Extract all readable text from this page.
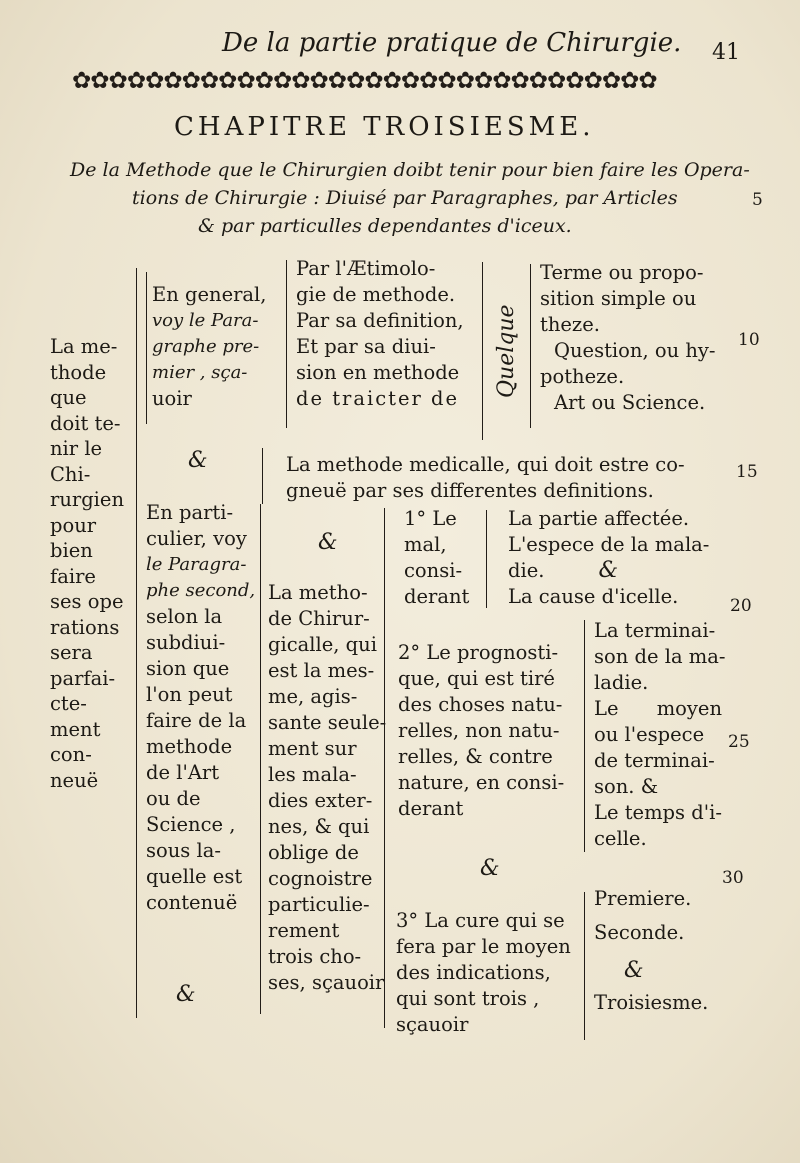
De la partie pratique de Chirurgie. 41
✿✿✿✿✿✿✿✿✿✿✿✿✿✿✿✿✿✿✿✿✿✿✿✿✿✿✿✿✿✿✿✿
CHAPITRE TROISIESME.
De la Methode que le Chirurgien doibt tenir pour bien faire les Opera-
tions de Chirurgie : Diuisé par Paragraphes, par Articles
& par particulles dependantes d'iceux.
5
10
15
20
25
30
La me-
thode
que
doit te-
nir le
Chi-
rurgien
pour
bien
faire
ses ope
rations
sera
parfai-
cte-
ment
con-
neuë
En general,
voy le Para-
graphe pre-
mier , sça-
uoir
Par l'Ætimolo-
gie de methode.
Par sa definition,
Et par sa diui-
sion en methode
de traicter de
Quelque
Terme ou propo-
sition simple ou
theze.
Question, ou hy-
potheze.
Art ou Science.
&	La methode medicalle, qui doit estre co-
gneuë par ses differentes definitions.
En parti-
culier, voy
le Paragra-
phe second,
selon la
subdiui-
sion que
l'on peut
faire de la
methode
de l'Art
ou de
Science ,
sous la-
quelle est
contenuë
&
&
La metho-
de Chirur-
gicalle, qui
est la mes-
me, agis-
sante seule-
ment sur
les mala-
dies exter-
nes, & qui
oblige de
cognoistre
particulie-
rement
trois cho-
ses, sçauoir
1° Le
mal,
consi-
derant
La partie affectée.
L'espece de la mala-
die. &
La cause d'icelle.
2° Le prognosti-
que, qui est tiré
des choses natu-
relles, non natu-
relles, & contre
nature, en consi-
derant
La terminai-
son de la ma-
ladie.
Le moyen
ou l'espece
de terminai-
son. &
Le temps d'i-
celle.
&
3° La cure qui se
fera par le moyen
des indications,
qui sont trois ,
sçauoir
Premiere.
Seconde.
&
Troisiesme.
